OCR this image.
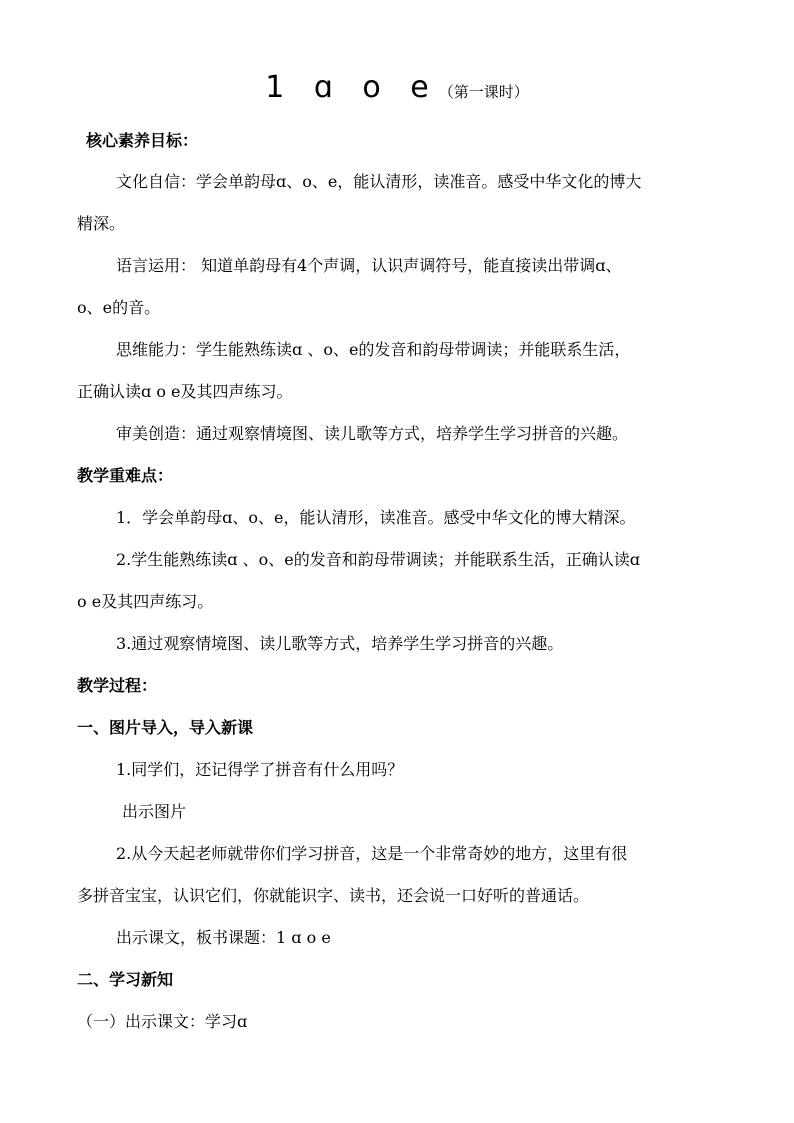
1 ɑ o e（第一课时）
核心素养目标：
文化自信：学会单韵母ɑ、o、e，能认清形，读准音。感受中华文化的博大
精深。
语言运用： 知道单韵母有4个声调，认识声调符号，能直接读出带调ɑ、
o、e的音。
思维能力：学生能熟练读ɑ 、o、e的发音和韵母带调读；并能联系生活，
正确认读ɑ o e及其四声练习。
审美创造：通过观察情境图、读儿歌等方式，培养学生学习拼音的兴趣。
教学重难点：
1．学会单韵母ɑ、o、e，能认清形，读准音。感受中华文化的博大精深。
2.学生能熟练读ɑ 、o、e的发音和韵母带调读；并能联系生活，正确认读ɑ
o e及其四声练习。
3.通过观察情境图、读儿歌等方式，培养学生学习拼音的兴趣。
教学过程：
一、图片导入，导入新课
1.同学们，还记得学了拼音有什么用吗？
出示图片
2.从今天起老师就带你们学习拼音，这是一个非常奇妙的地方，这里有很
多拼音宝宝，认识它们，你就能识字、读书，还会说一口好听的普通话。
出示课文，板书课题：1 ɑ o e
二、学习新知
（一）出示课文：学习ɑ
